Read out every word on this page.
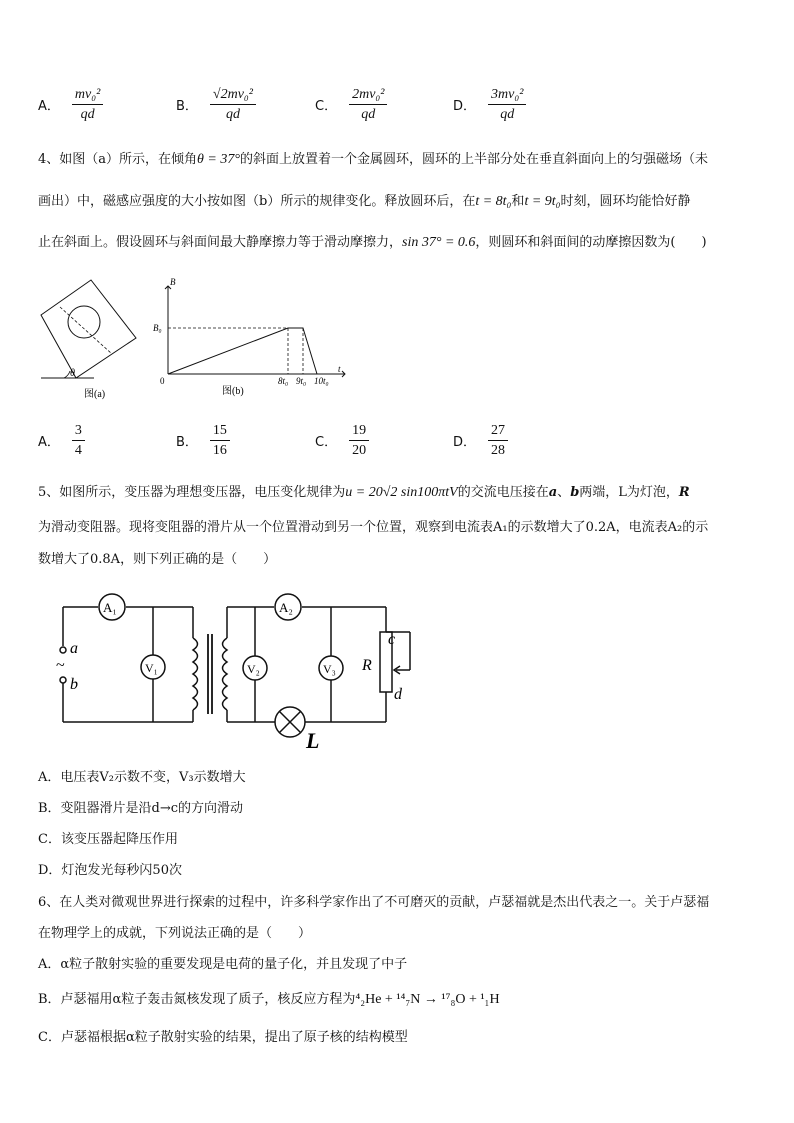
A． $\frac{\text{mv₀²}}{qd}$	B． $\frac{\text{√2mv₀²}}{qd}$	C． $\frac{\text{2mv₀²}}{qd}$	D． $\frac{\text{3mv₀²}}{qd}$
4、如图（a）所示，在倾角θ = 37°的斜面上放置着一个金属圆环，圆环的上半部分处在垂直斜面向上的匀强磁场（未
画出）中，磁感应强度的大小按如图（b）所示的规律变化。释放圆环后，在t = 8t₀和t = 9t₀时刻，圆环均能恰好静
止在斜面上。假设圆环与斜面间最大静摩擦力等于滑动摩擦力，sin 37° = 0.6，则圆环和斜面间的动摩擦因数为(　　)
θ
图(a)
B
t
B₀
0	8t₀ 9t₀ 10t₀
图(b)
A． $\frac{3}{4}$	B． $\frac{15}{16}$	C． $\frac{19}{20}$	D． $\frac{27}{28}$
5、如图所示，变压器为理想变压器，电压变化规律为u = 20√2 sin100πtV的交流电压接在a、b两端，L为灯泡，R
为滑动变阻器。现将变阻器的滑片从一个位置滑动到另一个位置，观察到电流表A₁的示数增大了0.2A，电流表A₂的示
数增大了0.8A，则下列正确的是（　　）
A₁	A₂
V₁	V₂	V₃
L
a
~
b
R
c
d
A．电压表V₂示数不变，V₃示数增大
B．变阻器滑片是沿d→c的方向滑动
C．该变压器起降压作用
D．灯泡发光每秒闪50次
6、在人类对微观世界进行探索的过程中，许多科学家作出了不可磨灭的贡献，卢瑟福就是杰出代表之一。关于卢瑟福
在物理学上的成就，下列说法正确的是（　　）
A．α粒子散射实验的重要发现是电荷的量子化，并且发现了中子
B．卢瑟福用α粒子轰击氮核发现了质子，核反应方程为⁴₂He + ¹⁴₇N → ¹⁷₈O + ¹₁H
C．卢瑟福根据α粒子散射实验的结果，提出了原子核的结构模型
